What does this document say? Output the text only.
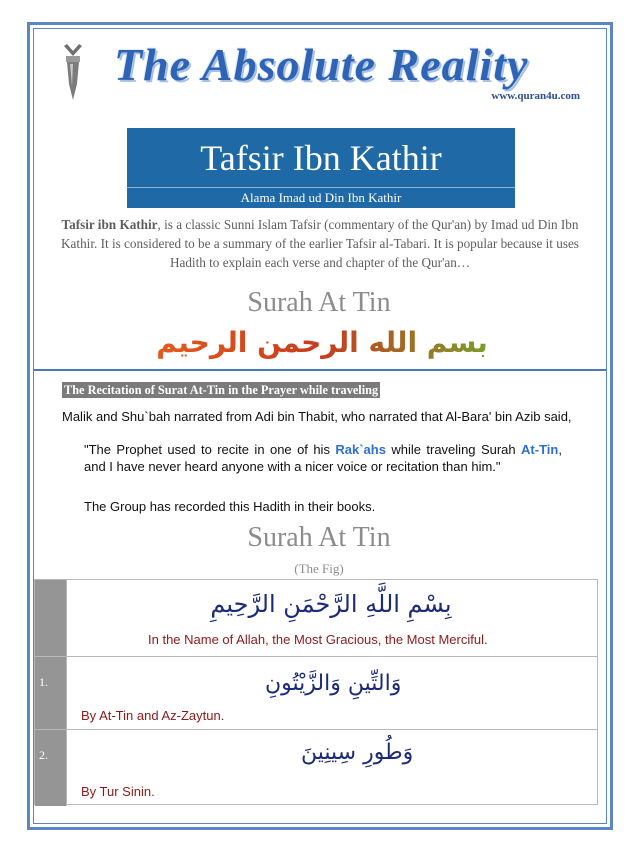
The Absolute Reality
www.quran4u.com
Tafsir Ibn Kathir
Alama Imad ud Din Ibn Kathir

Tafsir ibn Kathir, is a classic Sunni Islam Tafsir (commentary of the Qur'an) by Imad ud Din Ibn Kathir. It is considered to be a summary of the earlier Tafsir al-Tabari. It is popular because it uses Hadith to explain each verse and chapter of the Qur'an…

Surah At Tin
بسم الله الرحمن الرحيم
The Recitation of Surat At-Tin in the Prayer while traveling

Malik and Shu`bah narrated from Adi bin Thabit, who narrated that Al-Bara' bin Azib said,

"The Prophet used to recite in one of his Rak`ahs while traveling Surah At-Tin, and I have never heard anyone with a nicer voice or recitation than him."

The Group has recorded this Hadith in their books.

Surah At Tin
(The Fig)
بِسْمِ اللَّهِ الرَّحْمَنِ الرَّحِيمِ
In the Name of Allah, the Most Gracious, the Most Merciful.
1.	وَالتِّينِ وَالزَّيْتُونِ
By At-Tin and Az-Zaytun.
2.	وَطُورِ سِينِينَ
By Tur Sinin.
